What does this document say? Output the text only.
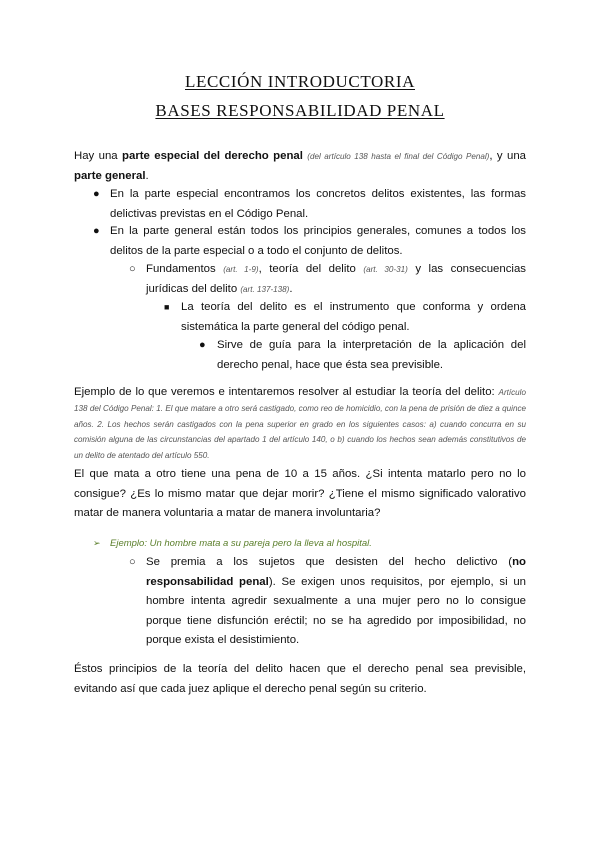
LECCIÓN INTRODUCTORIA
BASES RESPONSABILIDAD PENAL
Hay una parte especial del derecho penal (del artículo 138 hasta el final del Código Penal), y una parte general.
● En la parte especial encontramos los concretos delitos existentes, las formas delictivas previstas en el Código Penal.
● En la parte general están todos los principios generales, comunes a todos los delitos de la parte especial o a todo el conjunto de delitos.
○ Fundamentos (art. 1-9), teoría del delito (art. 30-31) y las consecuencias jurídicas del delito (art. 137-138).
■ La teoría del delito es el instrumento que conforma y ordena sistemática la parte general del código penal.
● Sirve de guía para la interpretación de la aplicación del derecho penal, hace que ésta sea previsible.
Ejemplo de lo que veremos e intentaremos resolver al estudiar la teoría del delito: Artículo 138 del Código Penal: 1. El que matare a otro será castigado, como reo de homicidio, con la pena de prisión de diez a quince años. 2. Los hechos serán castigados con la pena superior en grado en los siguientes casos: a) cuando concurra en su comisión alguna de las circunstancias del apartado 1 del artículo 140, o b) cuando los hechos sean además constitutivos de un delito de atentado del artículo 550.
El que mata a otro tiene una pena de 10 a 15 años. ¿Si intenta matarlo pero no lo consigue? ¿Es lo mismo matar que dejar morir? ¿Tiene el mismo significado valorativo matar de manera voluntaria a matar de manera involuntaria?
➢ Ejemplo: Un hombre mata a su pareja pero la lleva al hospital.
○ Se premia a los sujetos que desisten del hecho delictivo (no responsabilidad penal). Se exigen unos requisitos, por ejemplo, si un hombre intenta agredir sexualmente a una mujer pero no lo consigue porque tiene disfunción eréctil; no se ha agredido por imposibilidad, no porque exista el desistimiento.
Éstos principios de la teoría del delito hacen que el derecho penal sea previsible, evitando así que cada juez aplique el derecho penal según su criterio.
